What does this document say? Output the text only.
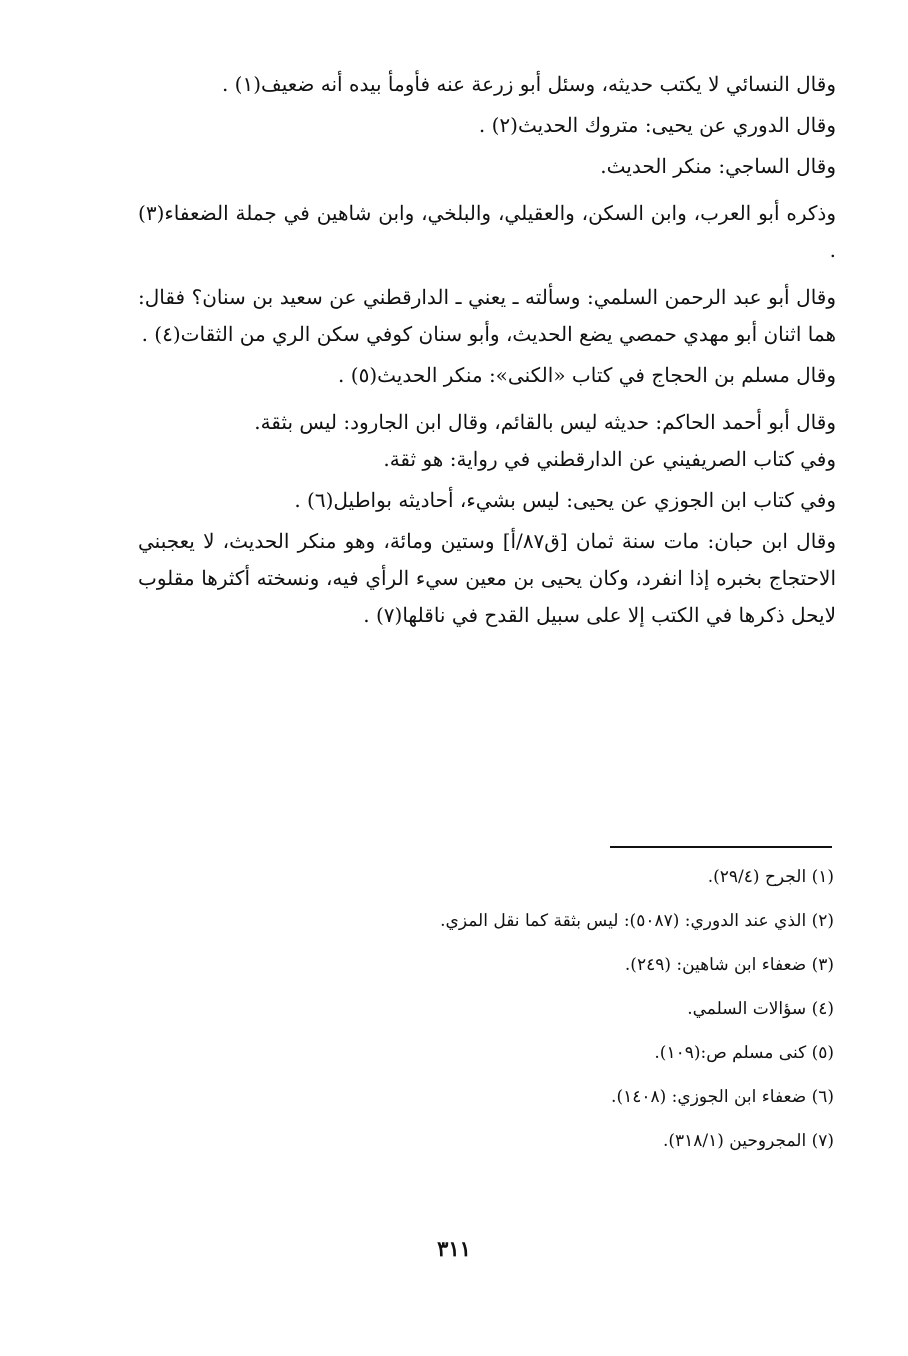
وقال النسائي لا يكتب حديثه، وسئل أبو زرعة عنه فأومأ بيده أنه ضعيف(١) .

وقال الدوري عن يحيى: متروك الحديث(٢) .

وقال الساجي: منكر الحديث.

وذكره أبو العرب، وابن السكن، والعقيلي، والبلخي، وابن شاهين في جملة الضعفاء(٣) .

وقال أبو عبد الرحمن السلمي: وسألته ـ يعني ـ الدارقطني عن سعيد بن سنان؟ فقال: هما اثنان أبو مهدي حمصي يضع الحديث، وأبو سنان كوفي سكن الري من الثقات(٤) .

وقال مسلم بن الحجاج في كتاب «الكنى»: منكر الحديث(٥) .

وقال أبو أحمد الحاكم: حديثه ليس بالقائم، وقال ابن الجارود: ليس بثقة.

وفي كتاب الصريفيني عن الدارقطني في رواية: هو ثقة.

وفي كتاب ابن الجوزي عن يحيى: ليس بشيء، أحاديثه بواطيل(٦) .

وقال ابن حبان: مات سنة ثمان [ق٨٧/أ] وستين ومائة، وهو منكر الحديث، لا يعجبني الاحتجاج بخبره إذا انفرد، وكان يحيى بن معين سيء الرأي فيه، ونسخته أكثرها مقلوب لايحل ذكرها في الكتب إلا على سبيل القدح في ناقلها(٧) .

(١) الجرح (٢٩/٤).

(٢) الذي عند الدوري: (٥٠٨٧): ليس بثقة كما نقل المزي.

(٣) ضعفاء ابن شاهين: (٢٤٩).

(٤) سؤالات السلمي.

(٥) كنى مسلم ص:(١٠٩).

(٦) ضعفاء ابن الجوزي: (١٤٠٨).

(٧) المجروحين (٣١٨/١).

٣١١
